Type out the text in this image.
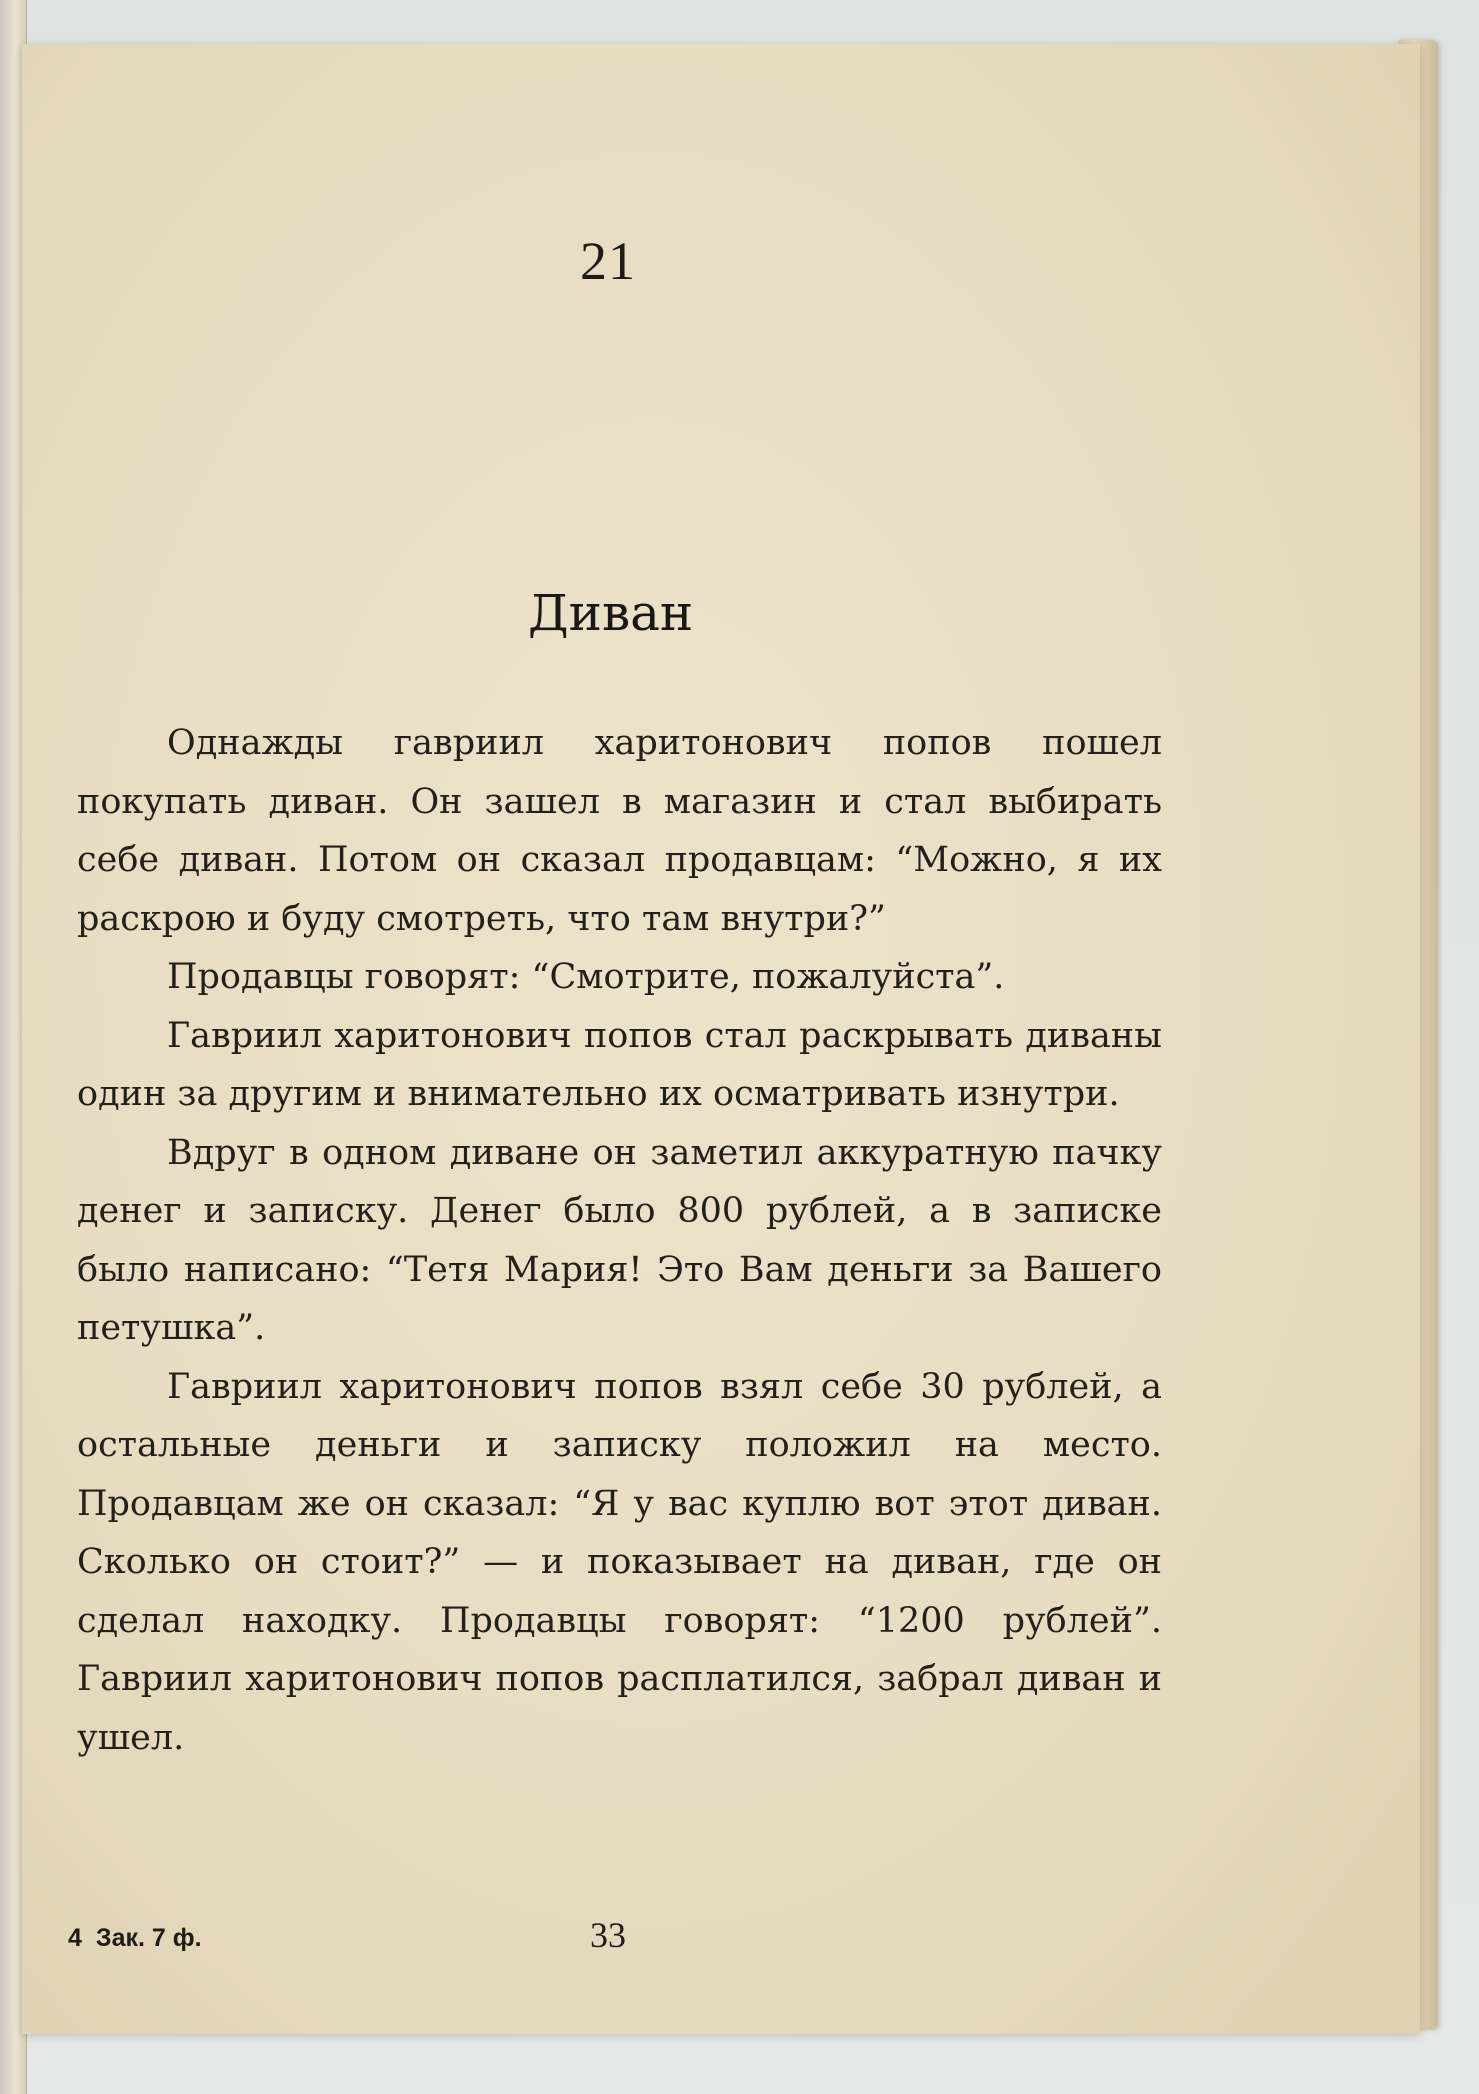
21
Диван

Однажды гавриил харитонович попов пошел покупать диван. Он зашел в магазин и стал выбирать себе диван. Потом он сказал продавцам: “Можно, я их раскрою и буду смотреть, что там внутри?”

Продавцы говорят: “Смотрите, пожалуйста”.

Гавриил харитонович попов стал раскрывать диваны один за другим и внимательно их осматривать изнутри.

Вдруг в одном диване он заметил аккуратную пачку денег и записку. Денег было 800 рублей, а в записке было написано: “Тетя Мария! Это Вам деньги за Вашего петушка”.

Гавриил харитонович попов взял себе 30 рублей, а остальные деньги и записку положил на место. Продавцам же он сказал: “Я у вас куплю вот этот диван. Сколько он стоит?” — и показывает на диван, где он сделал находку. Продавцы говорят: “1200 рублей”. Гавриил харитонович попов расплатился, забрал диван и ушел.

4 Зак. 7 ф.	33
